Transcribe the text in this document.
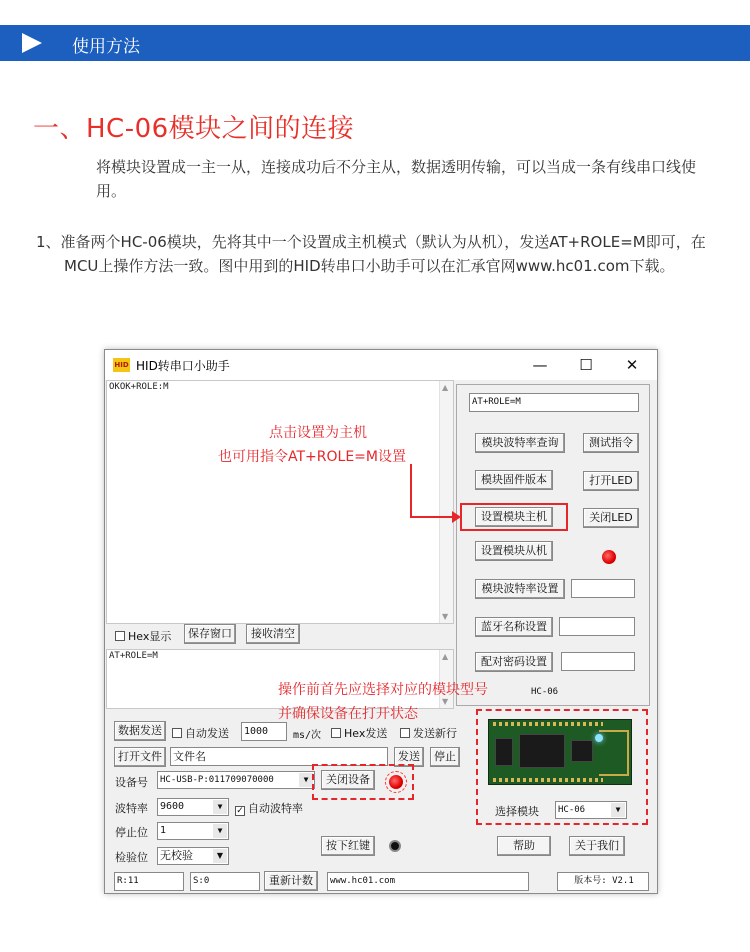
使用方法
一、HC-06模块之间的连接
将模块设置成一主一从，连接成功后不分主从，数据透明传输，可以当成一条有线串口线使用。
1、准备两个HC-06模块，先将其中一个设置成主机模式（默认为从机），发送AT+ROLE=M即可，在MCU上操作方法一致。图中用到的HID转串口小助手可以在汇承官网www.hc01.com下载。
HID HID转串口小助手	—	☐	✕
OKOK+ROLE:M	▲
▼
Hex显示	保存窗口	接收清空
AT+ROLE=M	▲
▼
数据发送	自动发送	1000	ms/次	Hex发送	发送新行
打开文件	文件名	发送	停止
设备号	HC-USB-P:011709070000	▼	关闭设备
波特率	9600	▼	✓ 自动波特率
停止位	1	▼
检验位 无校验	▼
按下红键	帮助	关于我们
AT+ROLE=M
模块波特率查询	测试指令
模块固件版本	打开LED
设置模块主机	关闭LED
设置模块从机
模块波特率设置
蓝牙名称设置
配对密码设置
HC-06
选择模块	HC-06	▼
R:11	S:0	重新计数	www.hc01.com	版本号: V2.1
点击设置为主机
也可用指令AT+ROLE=M设置
操作前首先应选择对应的模块型号
并确保设备在打开状态
